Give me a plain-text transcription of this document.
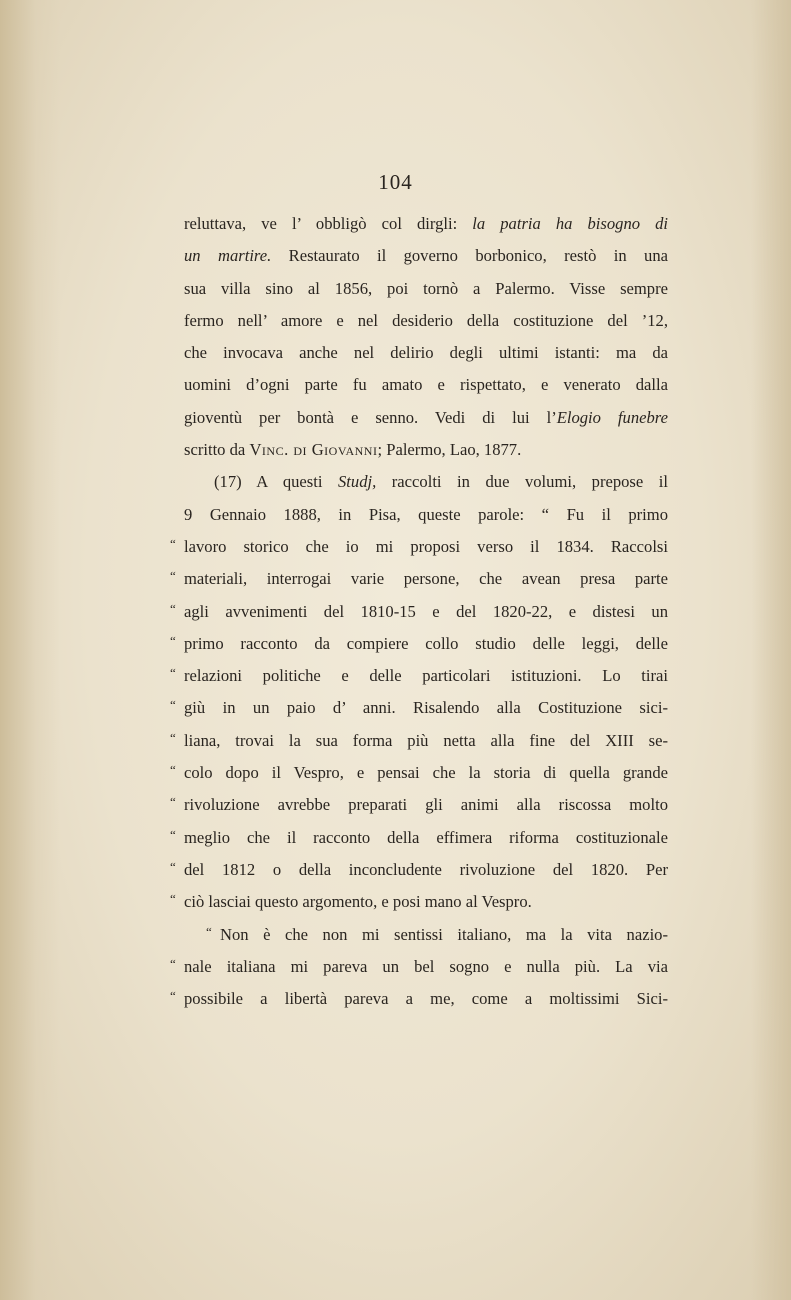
104
reluttava, ve l’ obbligò col dirgli: la patria ha bisogno di
un martire. Restaurato il governo borbonico, restò in una
sua villa sino al 1856, poi tornò a Palermo. Visse sempre
fermo nell’ amore e nel desiderio della costituzione del ’12,
che invocava anche nel delirio degli ultimi istanti: ma da
uomini d’ogni parte fu amato e rispettato, e venerato dalla
gioventù per bontà e senno. Vedi di lui l’Elogio funebre
scritto da Vinc. di Giovanni; Palermo, Lao, 1877.
(17) A questi Studj, raccolti in due volumi, prepose il
9 Gennaio 1888, in Pisa, queste parole: “ Fu il primo
“ lavoro storico che io mi proposi verso il 1834. Raccolsi
“ materiali, interrogai varie persone, che avean presa parte
“ agli avvenimenti del 1810-15 e del 1820-22, e distesi un
“ primo racconto da compiere collo studio delle leggi, delle
“ relazioni politiche e delle particolari istituzioni. Lo tirai
“ giù in un paio d’ anni. Risalendo alla Costituzione sici-
“ liana, trovai la sua forma più netta alla fine del XIII se-
“ colo dopo il Vespro, e pensai che la storia di quella grande
“ rivoluzione avrebbe preparati gli animi alla riscossa molto
“ meglio che il racconto della effimera riforma costituzionale
“ del 1812 o della inconcludente rivoluzione del 1820. Per
“ ciò lasciai questo argomento, e posi mano al Vespro.
“ Non è che non mi sentissi italiano, ma la vita nazio-
“ nale italiana mi pareva un bel sogno e nulla più. La via
“ possibile a libertà pareva a me, come a moltissimi Sici-
